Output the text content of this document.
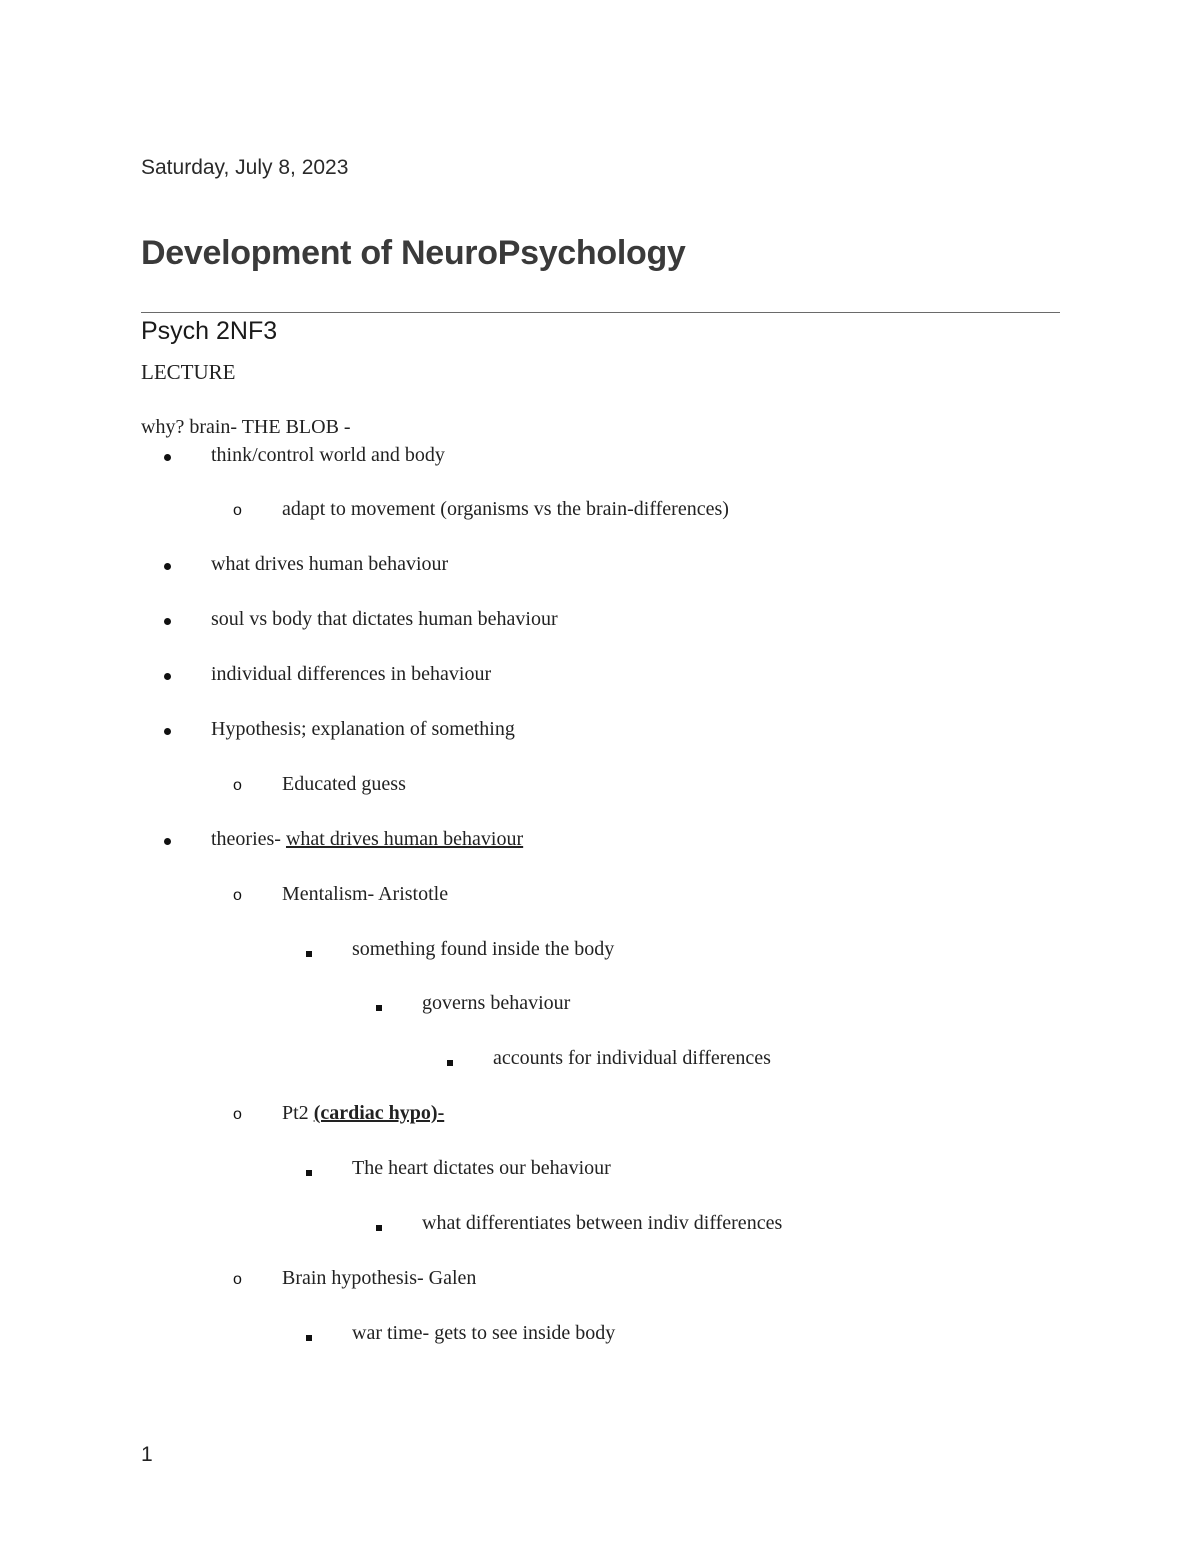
Saturday, July 8, 2023
Development of NeuroPsychology
Psych 2NF3
LECTURE
why? brain- THE BLOB -
think/control world and body
o adapt to movement (organisms vs the brain-differences)
what drives human behaviour
soul vs body that dictates human behaviour
individual differences in behaviour
Hypothesis; explanation of something
o Educated guess
theories- what drives human behaviour
o Mentalism- Aristotle
something found inside the body
governs behaviour
accounts for individual differences
o Pt2 (cardiac hypo)-
The heart dictates our behaviour
what differentiates between indiv differences
o Brain hypothesis- Galen
war time- gets to see inside body
1
